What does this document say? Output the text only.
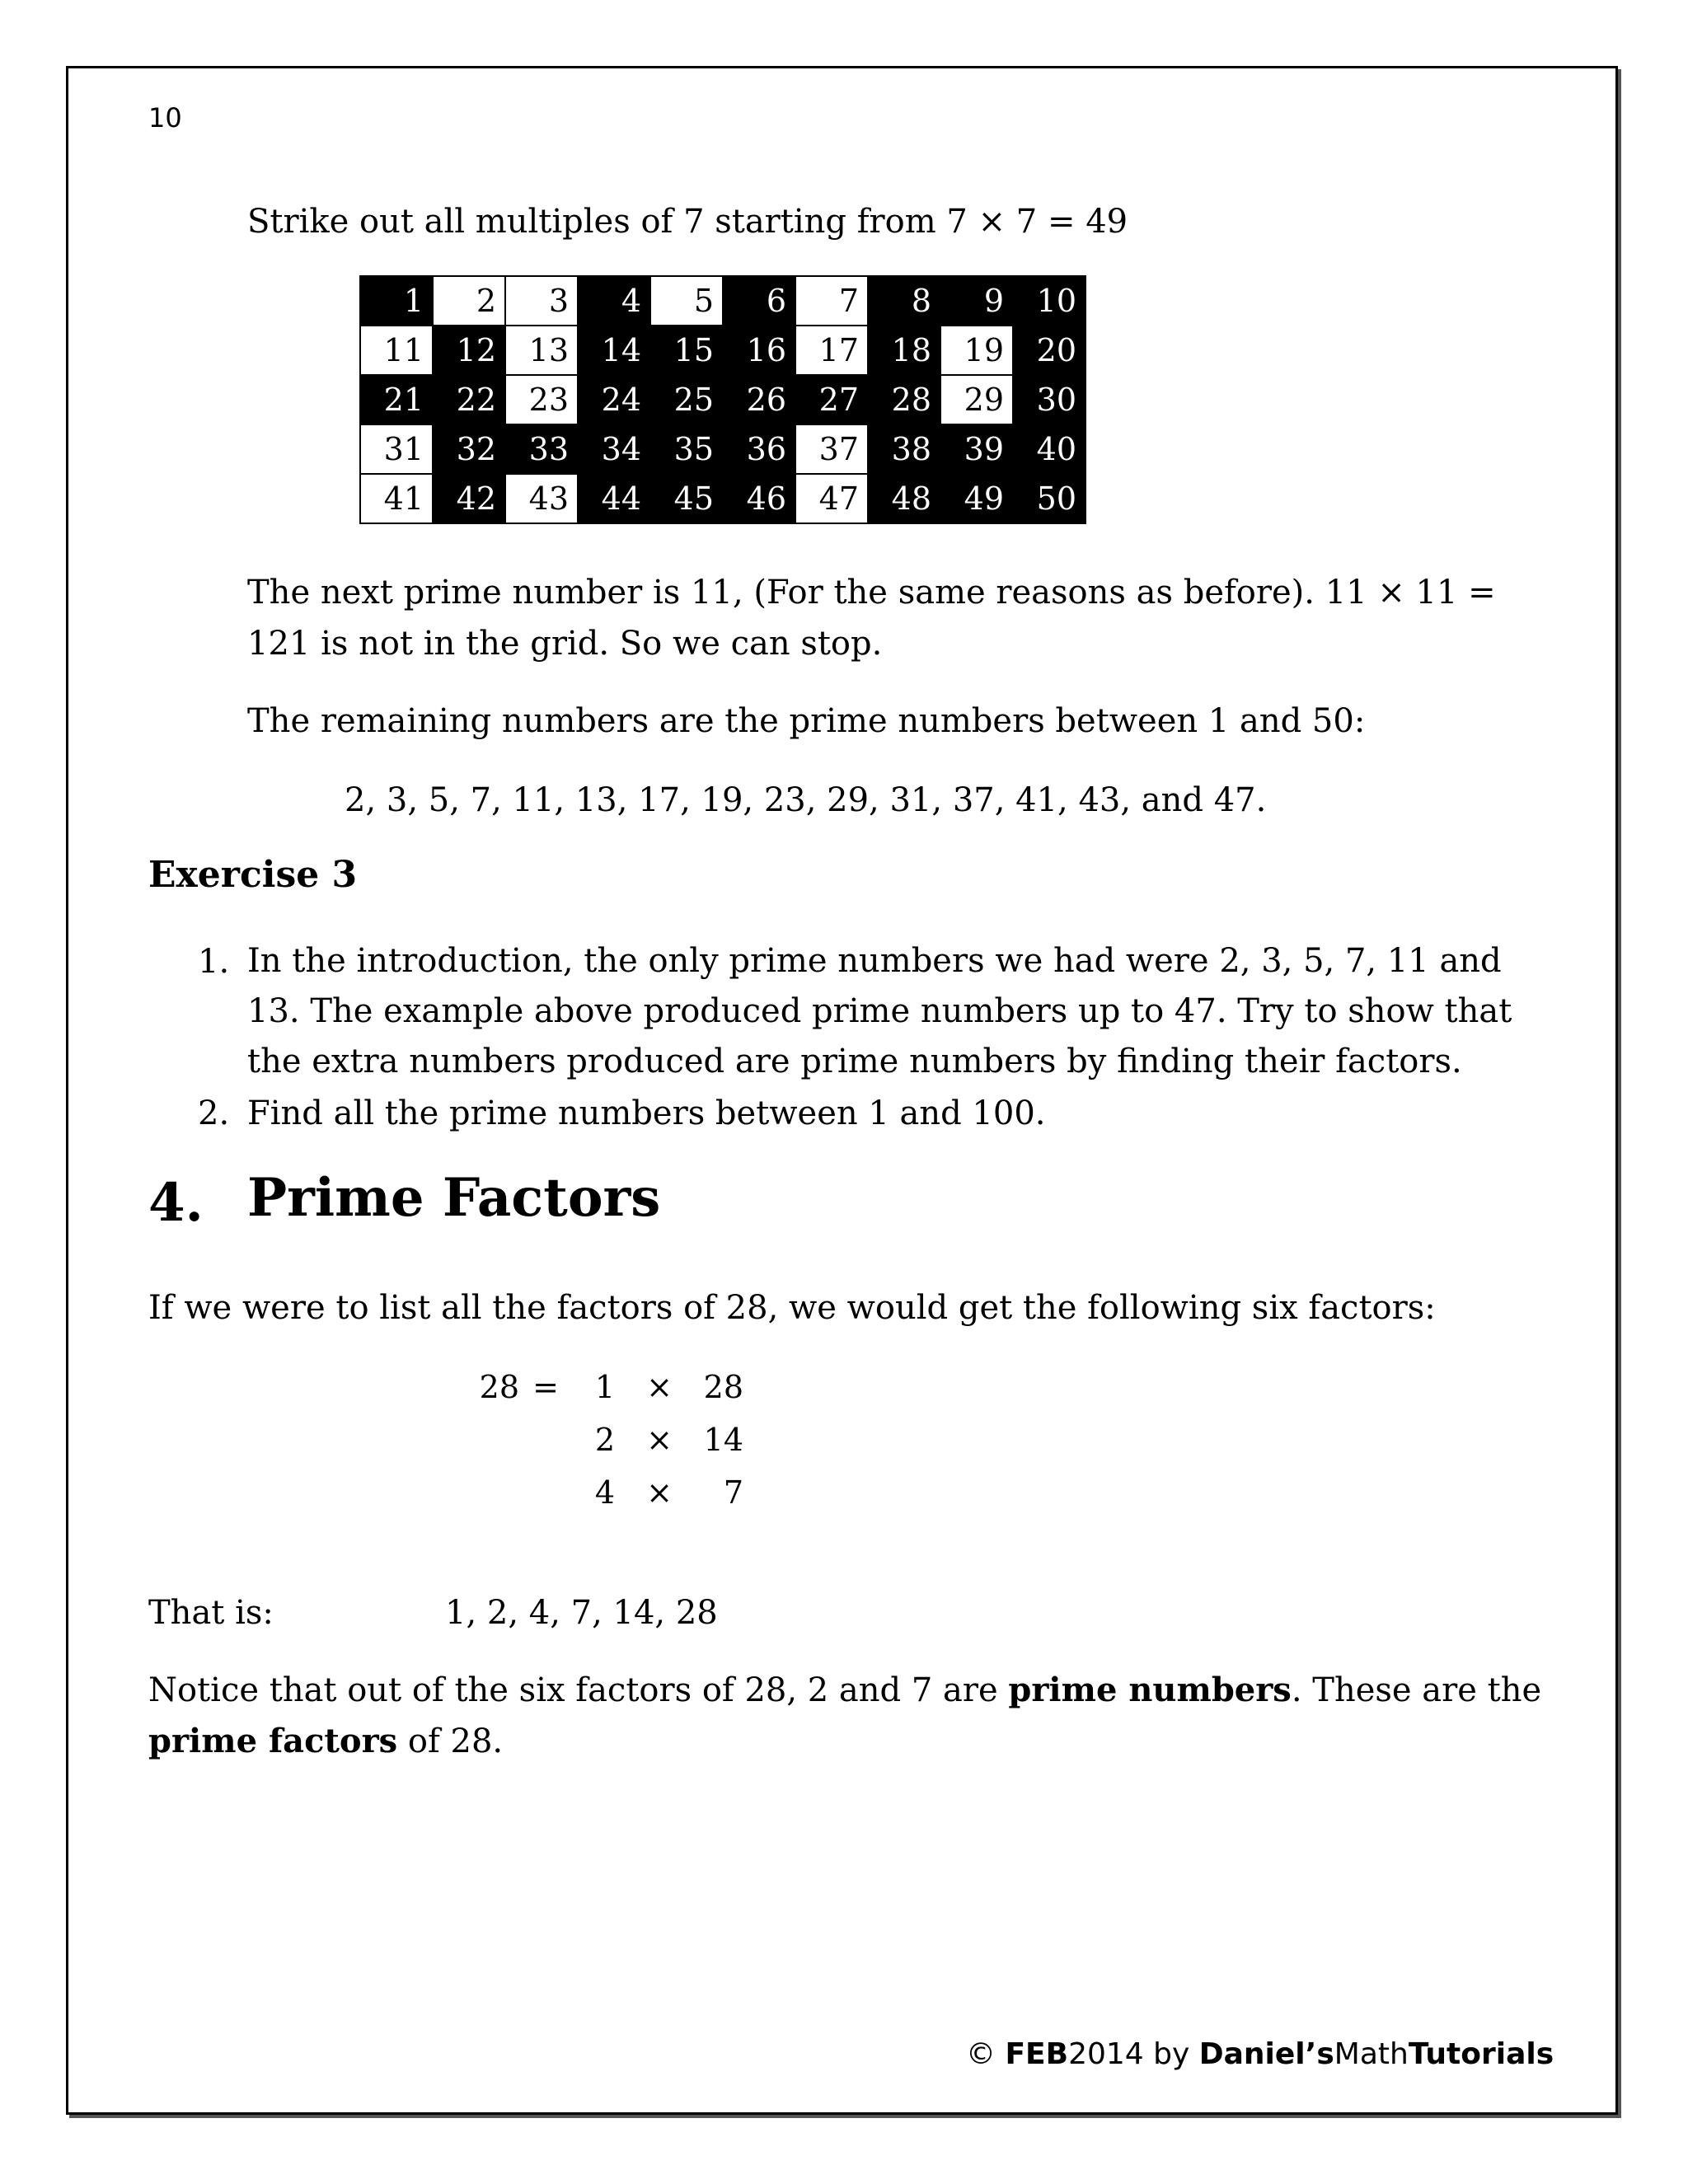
10
Strike out all multiples of 7 starting from 7 × 7 = 49
1	2	3	4	5	6	7	8	9	10
11	12	13	14	15	16	17	18	19	20
21	22	23	24	25	26	27	28	29	30
31	32	33	34	35	36	37	38	39	40
41	42	43	44	45	46	47	48	49	50
The next prime number is 11, (For the same reasons as before). 11 × 11 = 121 is not in the grid. So we can stop.
The remaining numbers are the prime numbers between 1 and 50:
2, 3, 5, 7, 11, 13, 17, 19, 23, 29, 31, 37, 41, 43, and 47.
Exercise 3
1. In the introduction, the only prime numbers we had were 2, 3, 5, 7, 11 and 13. The example above produced prime numbers up to 47. Try to show that the extra numbers produced are prime numbers by finding their factors.
2. Find all the prime numbers between 1 and 100.
4. Prime Factors
If we were to list all the factors of 28, we would get the following six factors:
28 = 1 × 28
2 × 14
4 ×	7
That is:	1, 2, 4, 7, 14, 28
Notice that out of the six factors of 28, 2 and 7 are prime numbers. These are the prime factors of 28.
© FEB2014 by Daniel’sMathTutorials
